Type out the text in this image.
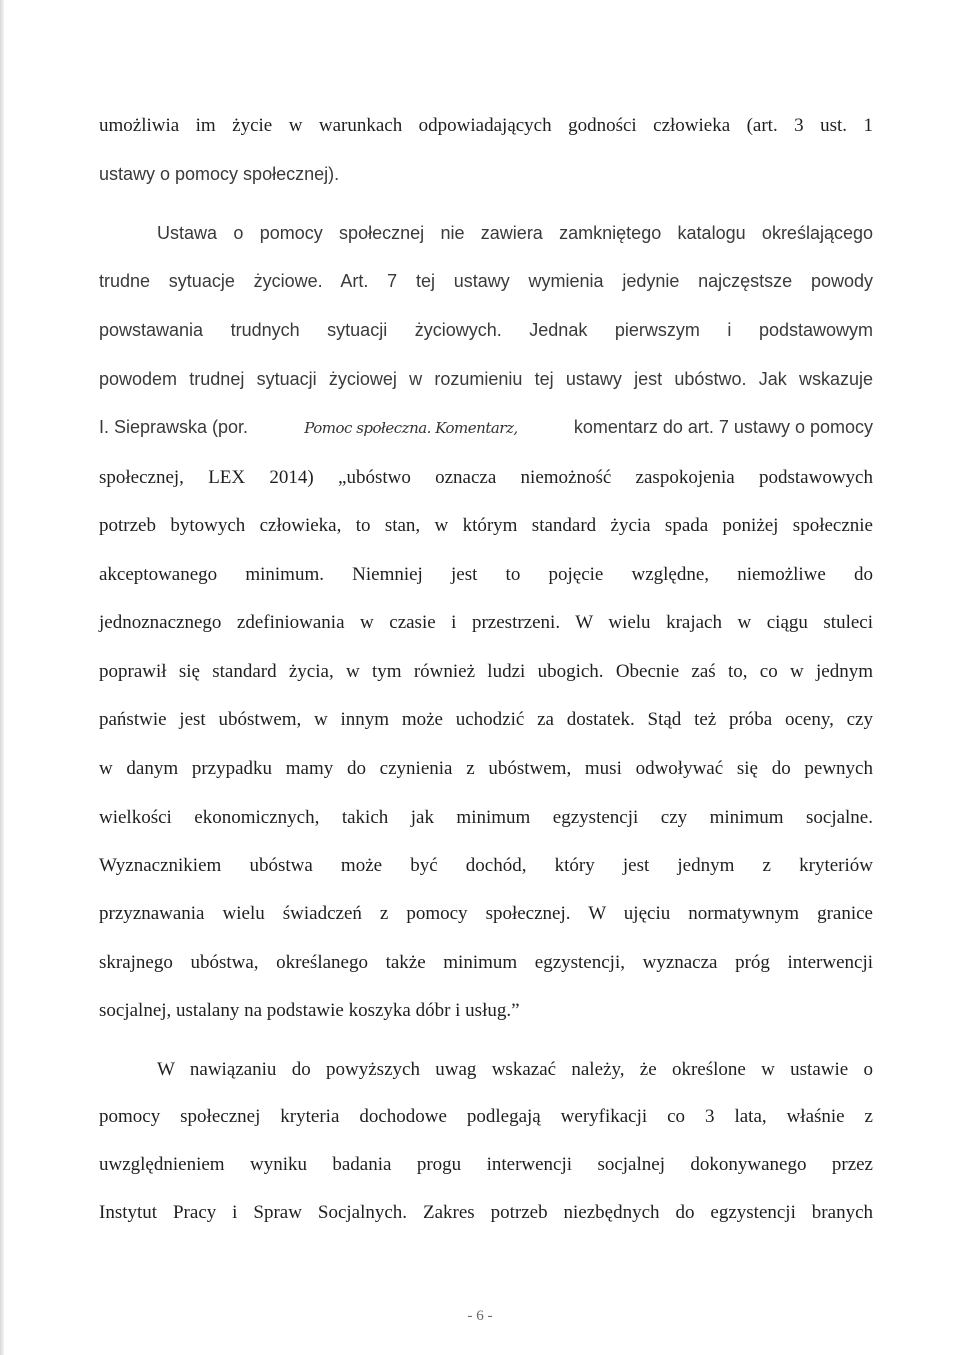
umożliwia im życie w warunkach odpowiadających godności człowieka (art. 3 ust. 1
ustawy o pomocy społecznej).
Ustawa o pomocy społecznej nie zawiera zamkniętego katalogu określającego
trudne sytuacje życiowe. Art. 7 tej ustawy wymienia jedynie najczęstsze powody
powstawania trudnych sytuacji życiowych. Jednak pierwszym i podstawowym
powodem trudnej sytuacji życiowej w rozumieniu tej ustawy jest ubóstwo. Jak wskazuje
I. Sieprawska (por.	Pomoc społeczna. Komentarz,	komentarz do art. 7 ustawy o pomocy
społecznej, LEX 2014) „ubóstwo oznacza niemożność zaspokojenia podstawowych
potrzeb bytowych człowieka, to stan, w którym standard życia spada poniżej społecznie
akceptowanego minimum. Niemniej jest to pojęcie względne, niemożliwe do
jednoznacznego zdefiniowania w czasie i przestrzeni. W wielu krajach w ciągu stuleci
poprawił się standard życia, w tym również ludzi ubogich. Obecnie zaś to, co w jednym
państwie jest ubóstwem, w innym może uchodzić za dostatek. Stąd też próba oceny, czy
w danym przypadku mamy do czynienia z ubóstwem, musi odwoływać się do pewnych
wielkości ekonomicznych, takich jak minimum egzystencji czy minimum socjalne.
Wyznacznikiem ubóstwa może być dochód, który jest jednym z kryteriów
przyznawania wielu świadczeń z pomocy społecznej. W ujęciu normatywnym granice
skrajnego ubóstwa, określanego także minimum egzystencji, wyznacza próg interwencji
socjalnej, ustalany na podstawie koszyka dóbr i usług.”
W nawiązaniu do powyższych uwag wskazać należy, że określone w ustawie o
pomocy społecznej kryteria dochodowe podlegają weryfikacji co 3 lata, właśnie z
uwzględnieniem wyniku badania progu interwencji socjalnej dokonywanego przez
Instytut Pracy i Spraw Socjalnych. Zakres potrzeb niezbędnych do egzystencji branych
- 6 -
